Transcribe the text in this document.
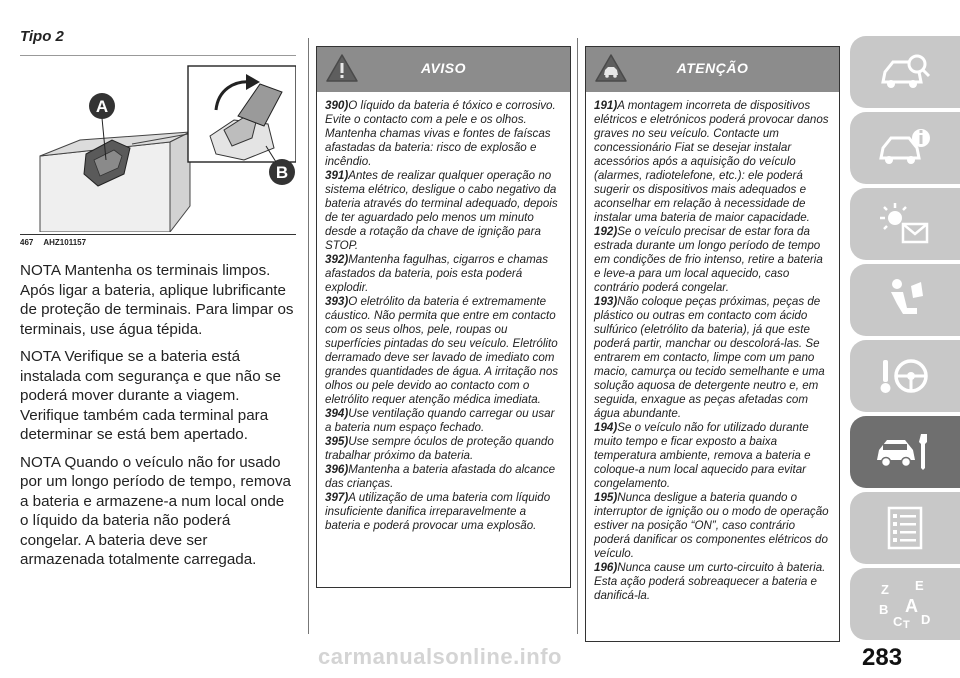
Tipo 2
A
B
467 AHZ101157

NOTA Mantenha os terminais limpos. Após ligar a bateria, aplique lubrificante de proteção de terminais. Para limpar os terminais, use água tépida.

NOTA Verifique se a bateria está instalada com segurança e que não se poderá mover durante a viagem. Verifique também cada terminal para determinar se está bem apertado.

NOTA Quando o veículo não for usado por um longo período de tempo, remova a bateria e armazene-a num local onde o líquido da bateria não poderá congelar. A bateria deve ser armazenada totalmente carregada.

AVISO

390)O líquido da bateria é tóxico e corrosivo. Evite o contacto com a pele e os olhos. Mantenha chamas vivas e fontes de faíscas afastadas da bateria: risco de explosão e incêndio.

391)Antes de realizar qualquer operação no sistema elétrico, desligue o cabo negativo da bateria através do terminal adequado, depois de ter aguardado pelo menos um minuto desde a rotação da chave de ignição para STOP.

392)Mantenha fagulhas, cigarros e chamas afastados da bateria, pois esta poderá explodir.

393)O eletrólito da bateria é extremamente cáustico. Não permita que entre em contacto com os seus olhos, pele, roupas ou superfícies pintadas do seu veículo. Eletrólito derramado deve ser lavado de imediato com grandes quantidades de água. A irritação nos olhos ou pele devido ao contacto com o eletrólito requer atenção médica imediata.

394)Use ventilação quando carregar ou usar a bateria num espaço fechado.

395)Use sempre óculos de proteção quando trabalhar próximo da bateria.

396)Mantenha a bateria afastada do alcance das crianças.

397)A utilização de uma bateria com líquido insuficiente danifica irreparavelmente a bateria e poderá provocar uma explosão.

ATENÇÃO

191)A montagem incorreta de dispositivos elétricos e eletrónicos poderá provocar danos graves no seu veículo. Contacte um concessionário Fiat se desejar instalar acessórios após a aquisição do veículo (alarmes, radiotelefone, etc.): ele poderá sugerir os dispositivos mais adequados e aconselhar em relação à necessidade de instalar uma bateria de maior capacidade.

192)Se o veículo precisar de estar fora da estrada durante um longo período de tempo em condições de frio intenso, retire a bateria e leve-a para um local aquecido, caso contrário poderá congelar.

193)Não coloque peças próximas, peças de plástico ou outras em contacto com ácido sulfúrico (eletrólito da bateria), já que este poderá partir, manchar ou descolorá-las. Se entrarem em contacto, limpe com um pano macio, camurça ou tecido semelhante e uma solução aquosa de detergente neutro e, em seguida, enxague as peças afetadas com água abundante.

194)Se o veículo não for utilizado durante muito tempo e ficar exposto a baixa temperatura ambiente, remova a bateria e coloque-a num local aquecido para evitar congelamento.

195)Nunca desligue a bateria quando o interruptor de ignição ou o modo de operação estiver na posição “ON”, caso contrário poderá danificar os componentes elétricos do veículo.

196)Nunca cause um curto-circuito à bateria. Esta ação poderá sobreaquecer a bateria e danificá-la.	Z E
B
C
A
T D
carmanualsonline.info	283
